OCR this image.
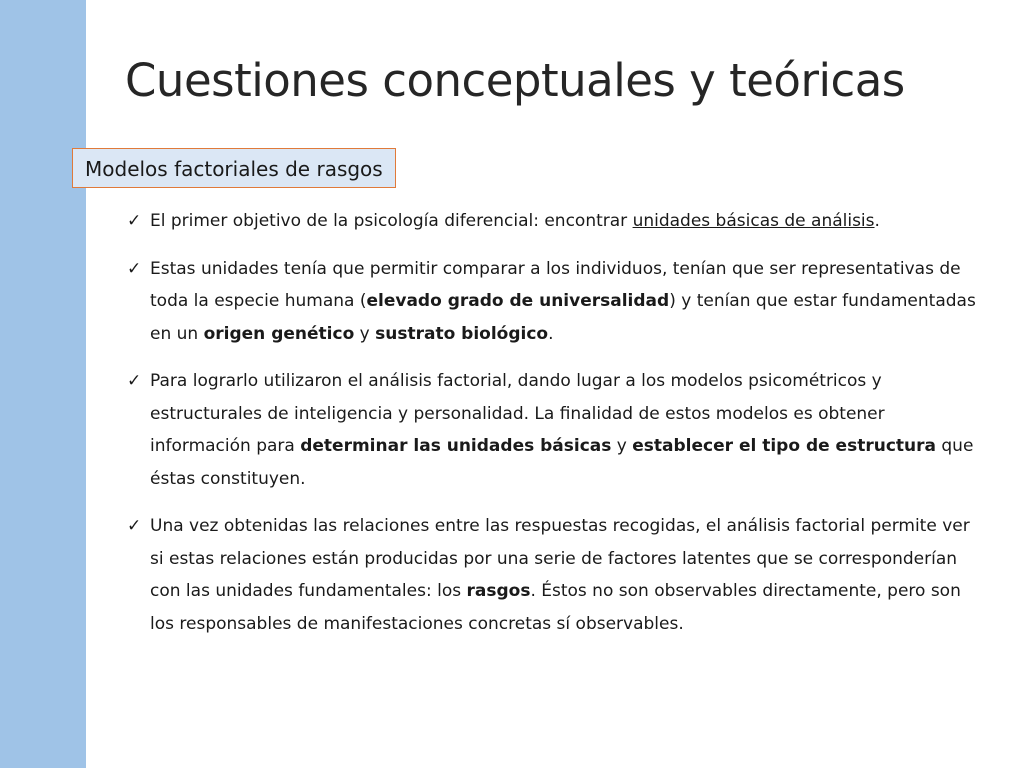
Cuestiones conceptuales y teóricas
Modelos factoriales de rasgos
✓ El primer objetivo de la psicología diferencial: encontrar unidades básicas de análisis.
✓ Estas unidades tenía que permitir comparar a los individuos, tenían que ser representativas de toda la especie humana (elevado grado de universalidad) y tenían que estar fundamentadas en un origen genético y sustrato biológico.
✓ Para lograrlo utilizaron el análisis factorial, dando lugar a los modelos psicométricos y estructurales de inteligencia y personalidad. La finalidad de estos modelos es obtener información para determinar las unidades básicas y establecer el tipo de estructura que éstas constituyen.
✓ Una vez obtenidas las relaciones entre las respuestas recogidas, el análisis factorial permite ver si estas relaciones están producidas por una serie de factores latentes que se corresponderían con las unidades fundamentales: los rasgos. Éstos no son observables directamente, pero son los responsables de manifestaciones concretas sí observables.
